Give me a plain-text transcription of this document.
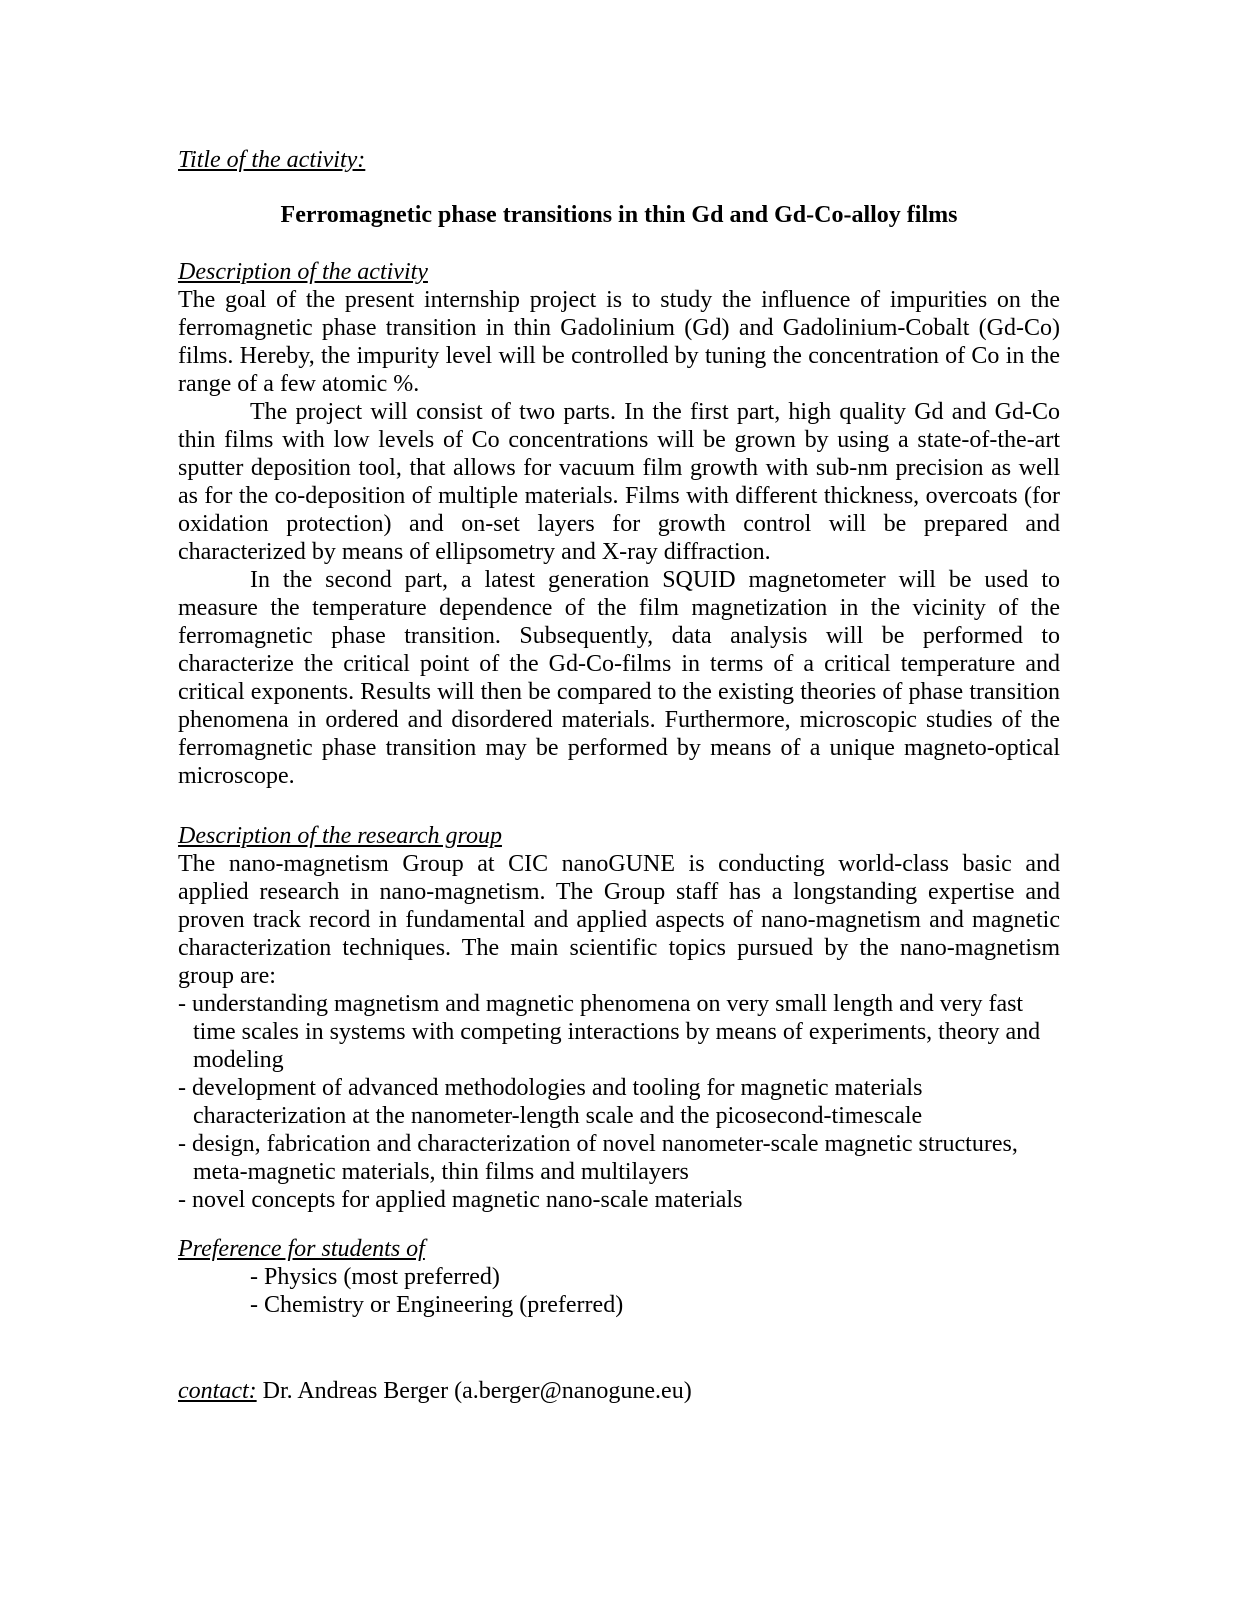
Title of the activity:
Ferromagnetic phase transitions in thin Gd and Gd-Co-alloy films
Description of the activity
The goal of the present internship project is to study the influence of impurities on the ferromagnetic phase transition in thin Gadolinium (Gd) and Gadolinium-Cobalt (Gd-Co) films. Hereby, the impurity level will be controlled by tuning the concentration of Co in the range of a few atomic %.
The project will consist of two parts. In the first part, high quality Gd and Gd-Co thin films with low levels of Co concentrations will be grown by using a state-of-the-art sputter deposition tool, that allows for vacuum film growth with sub-nm precision as well as for the co-deposition of multiple materials. Films with different thickness, overcoats (for oxidation protection) and on-set layers for growth control will be prepared and characterized by means of ellipsometry and X-ray diffraction.
In the second part, a latest generation SQUID magnetometer will be used to measure the temperature dependence of the film magnetization in the vicinity of the ferromagnetic phase transition. Subsequently, data analysis will be performed to characterize the critical point of the Gd-Co-films in terms of a critical temperature and critical exponents. Results will then be compared to the existing theories of phase transition phenomena in ordered and disordered materials. Furthermore, microscopic studies of the ferromagnetic phase transition may be performed by means of a unique magneto-optical microscope.
Description of the research group
The nano-magnetism Group at CIC nanoGUNE is conducting world-class basic and applied research in nano-magnetism. The Group staff has a longstanding expertise and proven track record in fundamental and applied aspects of nano-magnetism and magnetic characterization techniques. The main scientific topics pursued by the nano-magnetism group are:
- understanding magnetism and magnetic phenomena on very small length and very fast time scales in systems with competing interactions by means of experiments, theory and modeling
- development of advanced methodologies and tooling for magnetic materials characterization at the nanometer-length scale and the picosecond-timescale
- design, fabrication and characterization of novel nanometer-scale magnetic structures, meta-magnetic materials, thin films and multilayers
- novel concepts for applied magnetic nano-scale materials
Preference for students of
- Physics (most preferred)
- Chemistry or Engineering (preferred)
contact: Dr. Andreas Berger (a.berger@nanogune.eu)
